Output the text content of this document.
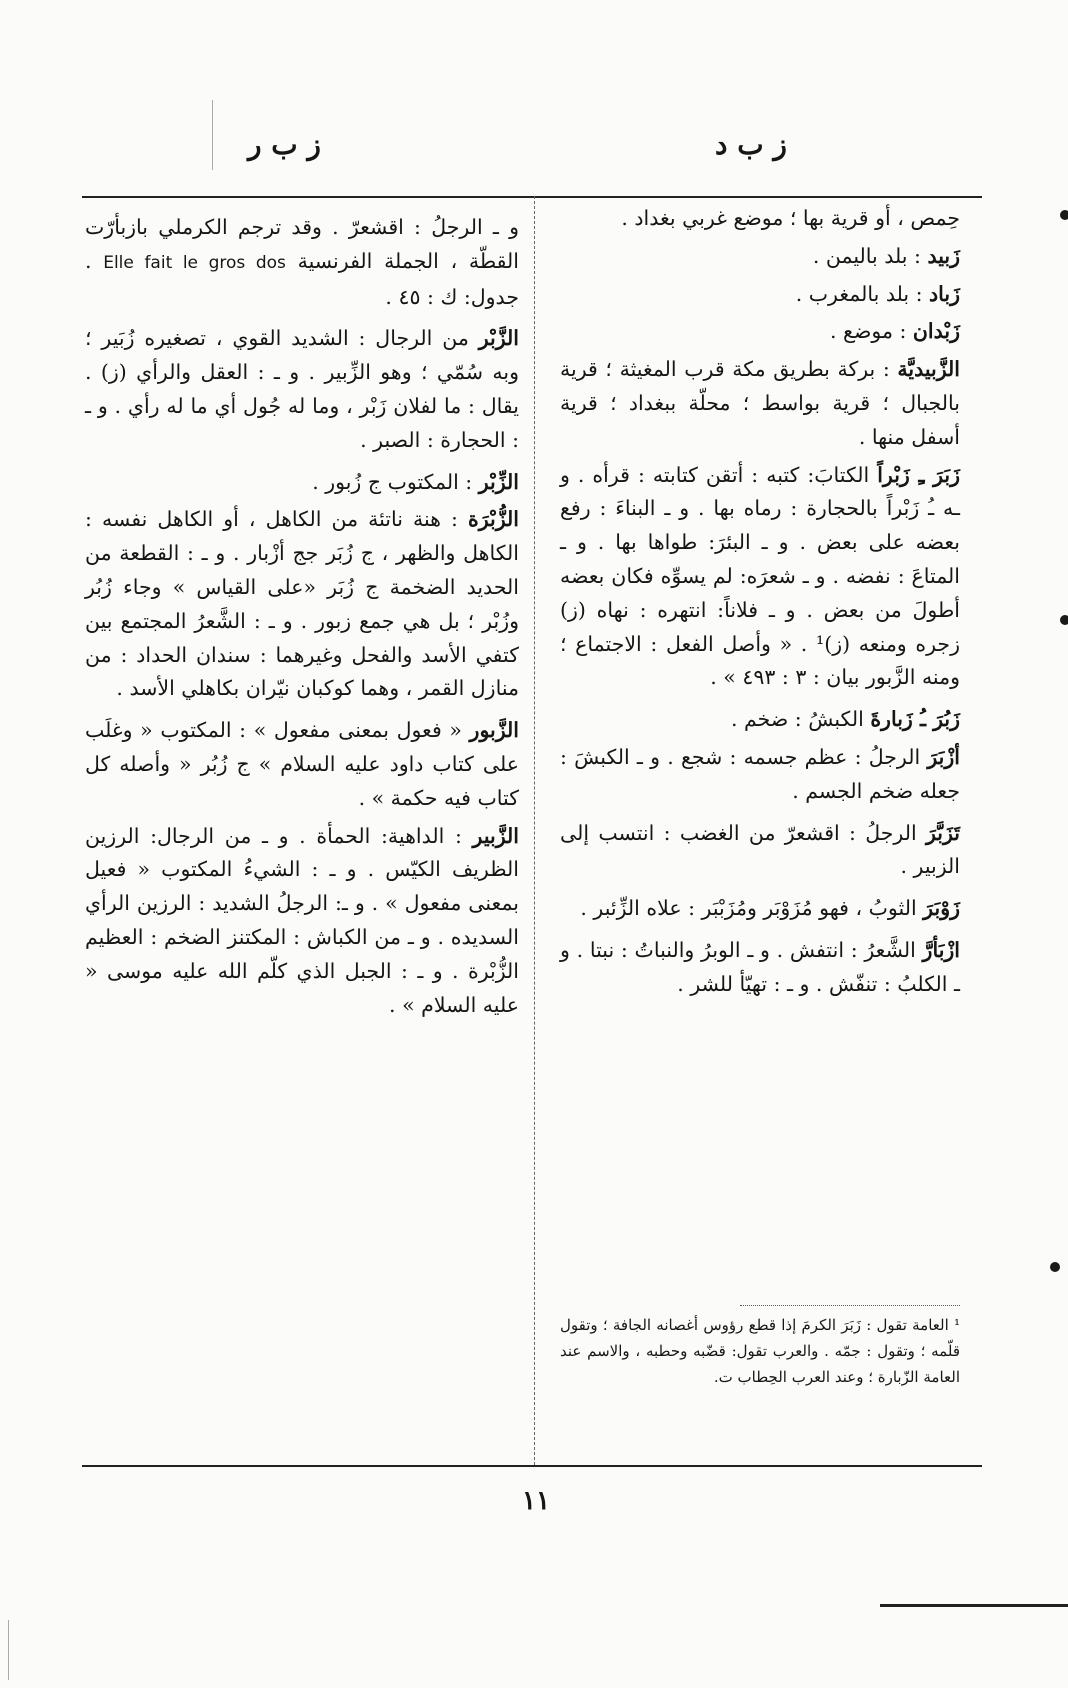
ز ب د
ز ب ر

حِمص ، أو قرية بها ؛ موضع غربي بغداد .

زَبيد : بلد باليمن .

زَباد : بلد بالمغرب .

زَبْدان : موضع .

الزَّبيديَّة : بركة بطريق مكة قرب المغيثة ؛ قرية بالجبال ؛ قرية بواسط ؛ محلّة ببغداد ؛ قرية أسفل منها .

زَبَرَ ـِ زَبْراً الكتابَ: كتبه : أتقن كتابته : قرأه . و ـه ـُ زَبْراً بالحجارة : رماه بها . و ـ البناءَ : رفع بعضه على بعض . و ـ البئرَ: طواها بها . و ـ المتاعَ : نفضه . و ـ شعرَه: لم يسوِّه فكان بعضه أطولَ من بعض . و ـ فلاناً: انتهره : نهاه (ز) زجره ومنعه (ز)¹ . « وأصل الفعل : الاجتماع ؛ ومنه الزَّبور بيان : ٣ : ٤٩٣ » .

زَبُرَ ـُ زَبارةَ الكبشُ : ضخم .

أزْبَرَ الرجلُ : عظم جسمه : شجع . و ـ الكبشَ : جعله ضخم الجسم .

تَزَبَّرَ الرجلُ : اقشعرّ من الغضب : انتسب إلى الزبير .

زَوْبَرَ الثوبُ ، فهو مُزَوْبَر ومُزَبْبَر : علاه الزِّئبر .

ازْبَأرَّ الشَّعرُ : انتفش . و ـ الوبرُ والنباتُ : نبتا . و ـ الكلبُ : تنفّش . و ـ : تهيّأ للشر .

و ـ الرجلُ : اقشعرّ . وقد ترجم الكرملي بازبأرّت القطّة ، الجملة الفرنسية Elle fait le gros dos . جدول: ك : ٤٥ .

الزَّبْر من الرجال : الشديد القوي ، تصغيره زُبَير ؛ وبه سُمّي ؛ وهو الزِّبير . و ـ : العقل والرأي (ز) . يقال : ما لفلان زَبْر ، وما له جُول أي ما له رأي . و ـ : الحجارة : الصبر .

الزِّبْر : المكتوب ج زُبور .

الزُّبْرَة : هنة ناتئة من الكاهل ، أو الكاهل نفسه : الكاهل والظهر ، ج زُبَر جج أزْبار . و ـ : القطعة من الحديد الضخمة ج زُبَر «على القياس » وجاء زُبُر وزُبْر ؛ بل هي جمع زبور . و ـ : الشَّعرُ المجتمع بين كتفي الأسد والفحل وغيرهما : سندان الحداد : من منازل القمر ، وهما كوكبان نيّران بكاهلي الأسد .

الزَّبور « فعول بمعنى مفعول » : المكتوب « وغلَب على كتاب داود عليه السلام » ج زُبُر « وأصله كل كتاب فيه حكمة » .

الزَّبير : الداهية: الحمأة . و ـ من الرجال: الرزين الظريف الكيّس . و ـ : الشيءُ المكتوب « فعيل بمعنى مفعول » . و ـ: الرجلُ الشديد : الرزين الرأي السديده . و ـ من الكباش : المكتنز الضخم : العظيم الزُّبْرة . و ـ : الجبل الذي كلّم الله عليه موسى « عليه السلام » .

¹ العامة تقول : زَبَرَ الكرمَ إذا قطع رؤوس أغصانه الجافة ؛ وتقول قلّمه ؛ وتقول : جمّه . والعرب تقول: قضّبه وحطبه ، والاسم عند العامة الزّبارة ؛ وعند العرب الحِطاب ت.
١١
